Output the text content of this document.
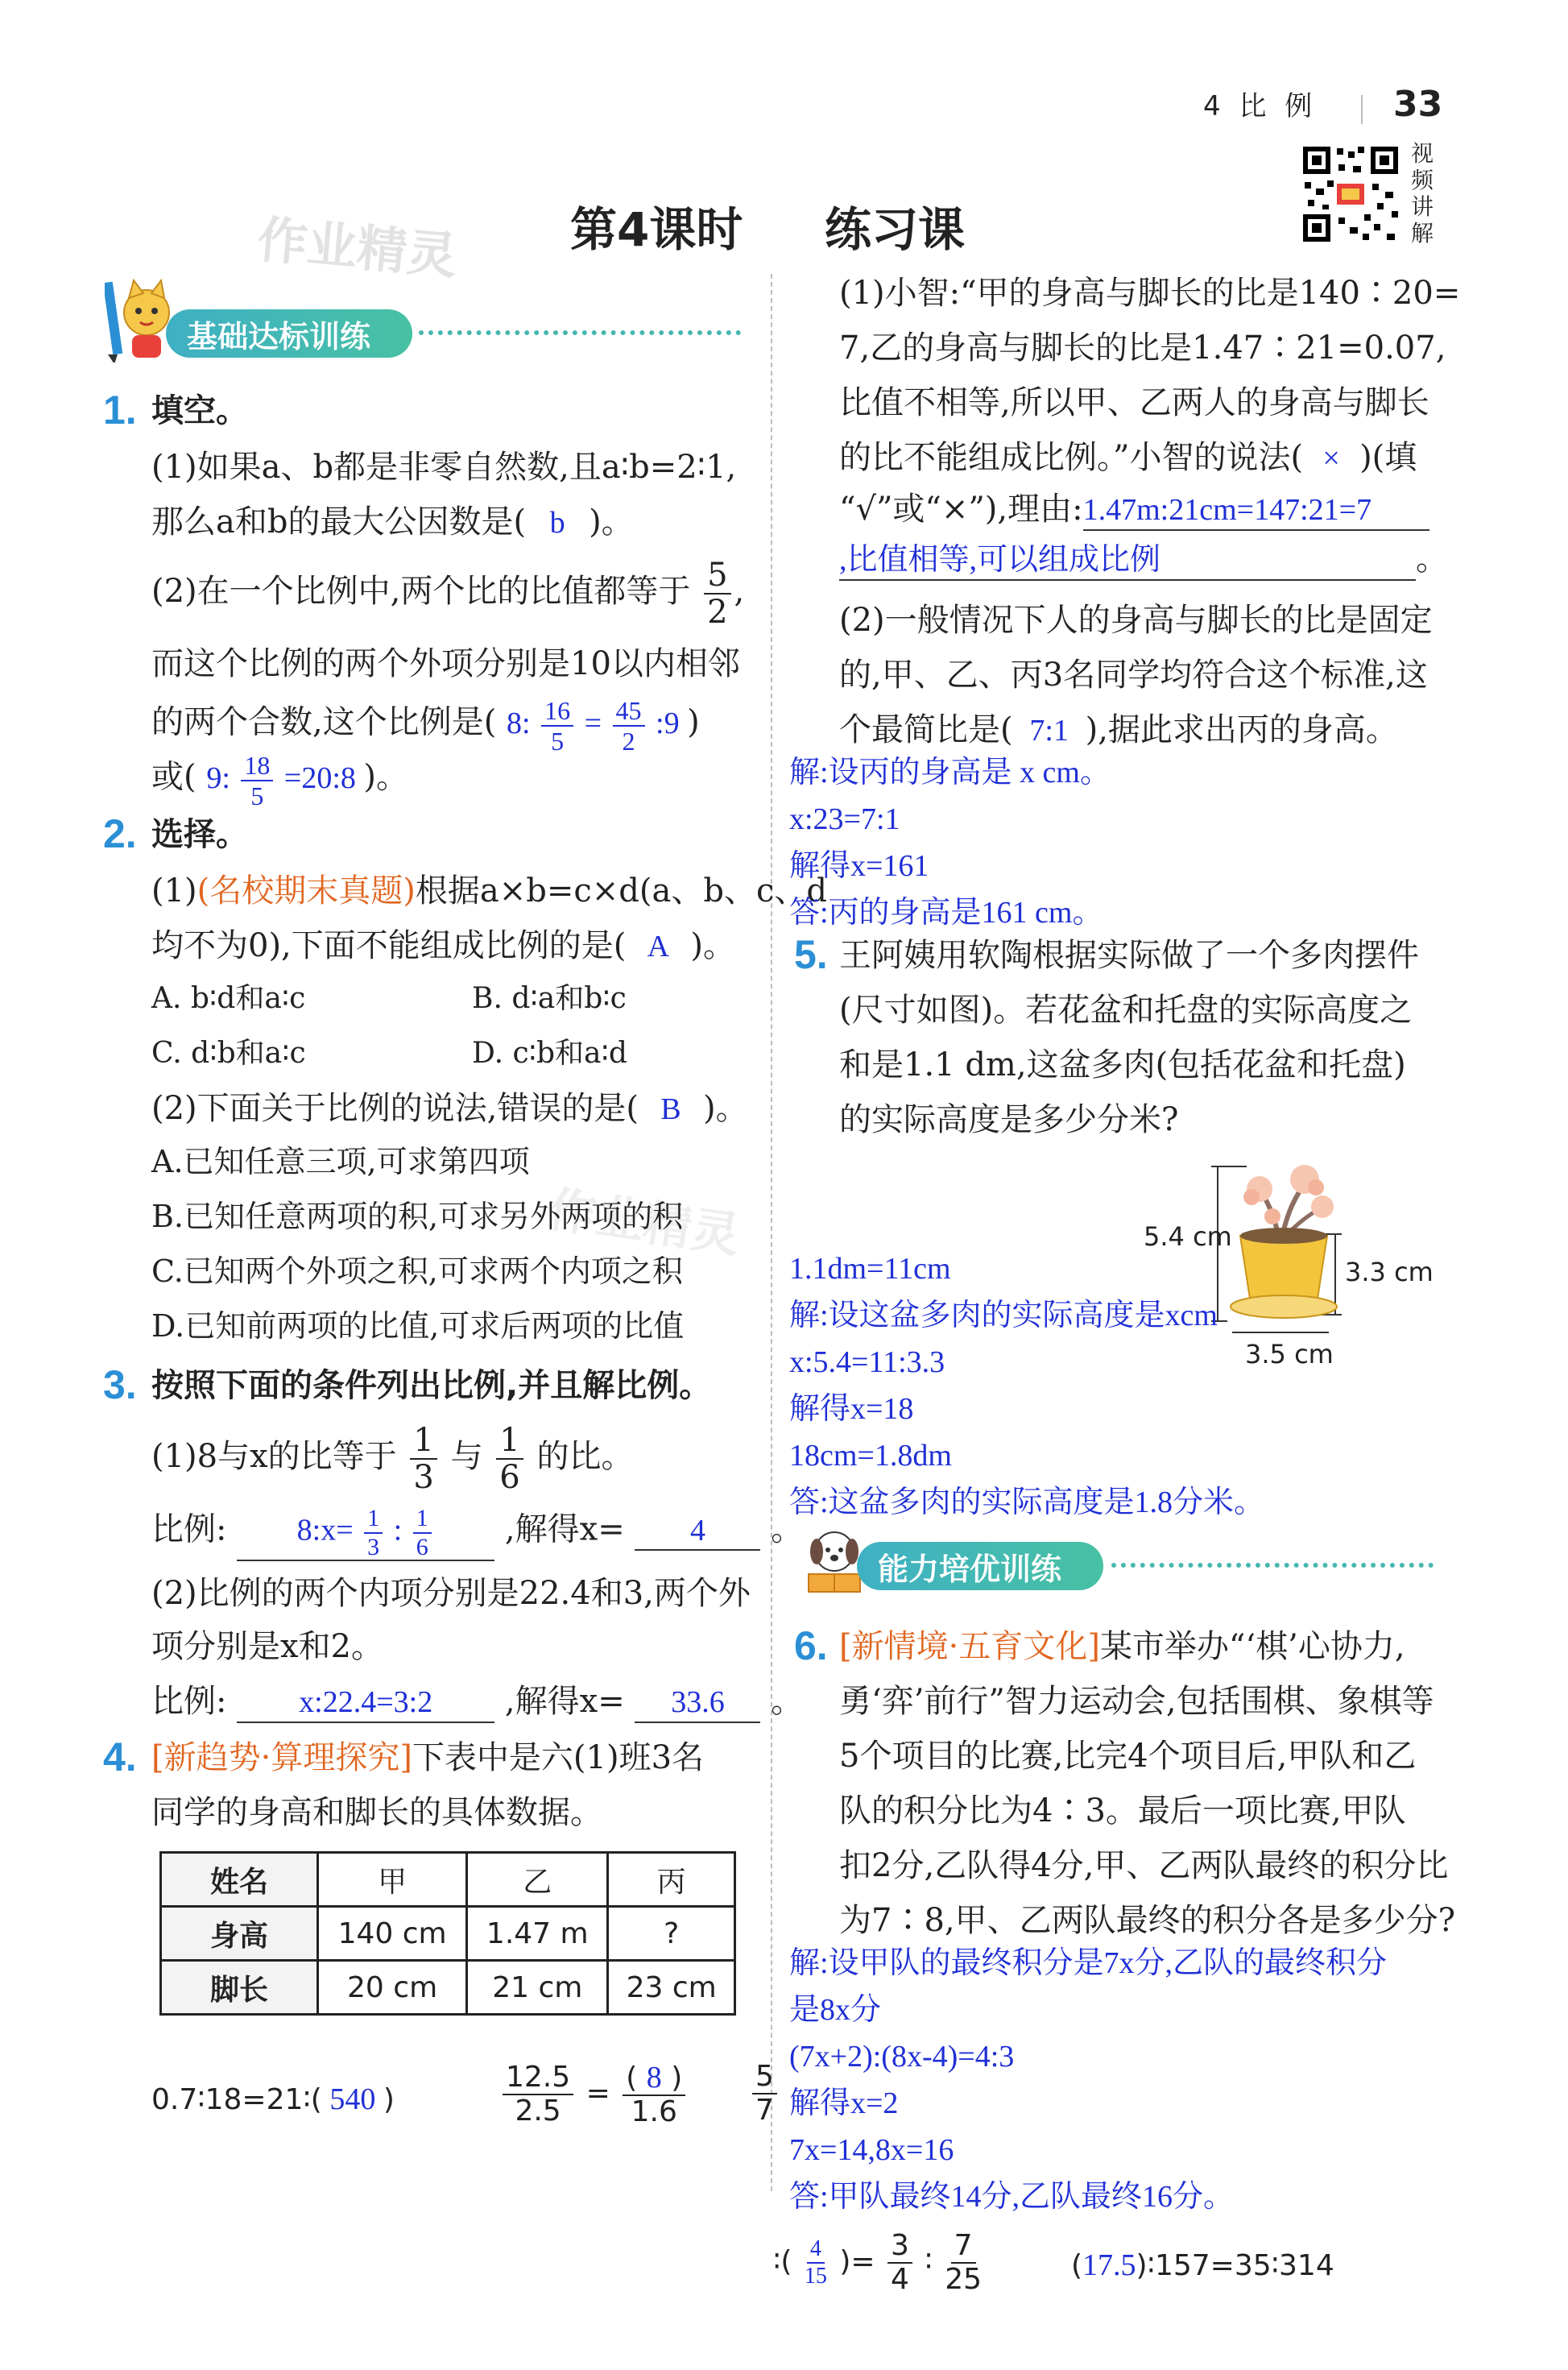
4 比 例 33
视
频
讲
解
作业精灵
作业精灵
第4课时 练习课
基础达标训练
1. 填空。
(1)如果a、b都是非零自然数,且a∶b=2∶1,
那么a和b的最大公因数是( b )。
(2)在一个比例中,两个比的比值都等于 $\frac{5}{2}$ ,
而这个比例的两个外项分别是10以内相邻
的两个合数,这个比例是( 8: $\frac{16}{5} = \frac{45}{2}$ :9 )
或( 9: $\frac{18}{5}$ =20:8 )。
2. 选择。
(1)(名校期末真题)根据a×b=c×d(a、b、c、d
均不为0),下面不能组成比例的是( A )。
A. b∶d和a∶c	B. d∶a和b∶c
C. d∶b和a∶c	D. c∶b和a∶d
(2)下面关于比例的说法,错误的是( B )。
A.已知任意三项,可求第四项
B.已知任意两项的积,可求另外两项的积
C.已知两个外项之积,可求两个内项之积
D.已知前两项的比值,可求后两项的比值
3. 按照下面的条件列出比例,并且解比例。
(1)8与x的比等于 $\frac{1}{3}$ 与 $\frac{1}{6}$ 的比。
比例: 8:x= $\frac{1}{3}$ : $\frac{1}{6}$ ,解得x= 4 。
(2)比例的两个内项分别是22.4和3,两个外
项分别是x和2。
比例: x:22.4=3:2 ,解得x= 33.6 。
4. [新趋势·算理探究]下表中是六(1)班3名
同学的身高和脚长的具体数据。
姓名	甲	乙	丙
身高	140 cm	1.47 m	?
脚长	20 cm	21 cm	23 cm
(1)小智:“甲的身高与脚长的比是140∶20=
7,乙的身高与脚长的比是1.47∶21=0.07,
比值不相等,所以甲、乙两人的身高与脚长
的比不能组成比例。”小智的说法( × )(填
“√”或“×”),理由:1.47m:21cm=147:21=7
,比值相等,可以组成比例	。
(2)一般情况下人的身高与脚长的比是固定
的,甲、乙、丙3名同学均符合这个标准,这
个最简比是( 7:1 ),据此求出丙的身高。
解:设丙的身高是 x cm。
x:23=7:1
解得x=161
答:丙的身高是161 cm。
5. 王阿姨用软陶根据实际做了一个多肉摆件
(尺寸如图)。若花盆和托盘的实际高度之
和是1.1 dm,这盆多肉(包括花盆和托盘)
的实际高度是多少分米?
5.4 cm
3.3 cm
3.5 cm
1.1dm=11cm
解:设这盆多肉的实际高度是xcm
x:5.4=11:3.3
解得x=18
18cm=1.8dm
答:这盆多肉的实际高度是1.8分米。
能力培优训练
6. [新情境·五育文化]某市举办“‘棋’心协力,
勇‘弈’前行”智力运动会,包括围棋、象棋等
5个项目的比赛,比完4个项目后,甲队和乙
队的积分比为4∶3。最后一项比赛,甲队
扣2分,乙队得4分,甲、乙两队最终的积分比
为7∶8,甲、乙两队最终的积分各是多少分?
解:设甲队的最终积分是7x分,乙队的最终积分
是8x分
(7x+2):(8x-4)=4:3
解得x=2
7x=14,8x=16
答:甲队最终14分,乙队最终16分。
0.7∶18=21∶( 540 )	$\frac{12.5}{2.5} = \frac{( 8 )}{1.6} \frac{5}{7}$
∶( $\frac{4}{15}$ )= $\frac{3}{4}$ ∶ $\frac{7}{25}$	(17.5)∶157=35∶314
